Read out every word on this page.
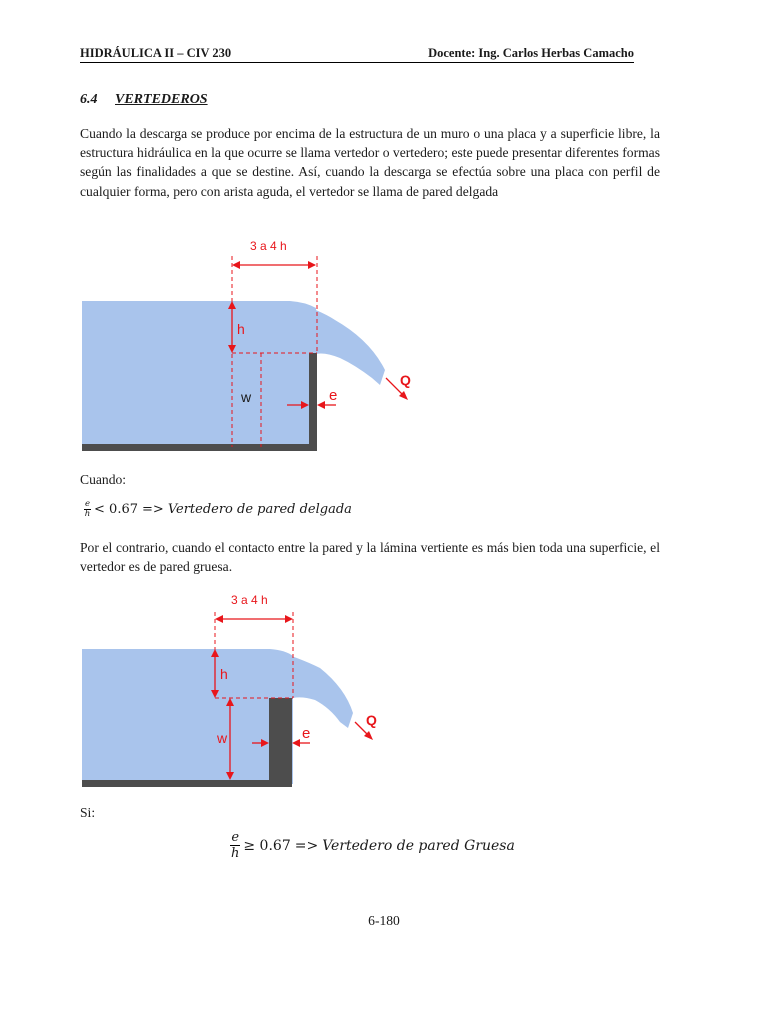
HIDRÁULICA II – CIV 230	Docente: Ing. Carlos Herbas Camacho
6.4 VERTEDEROS

Cuando la descarga se produce por encima de la estructura de un muro o una placa y a superficie libre, la estructura hidráulica en la que ocurre se llama vertedor o vertedero; este puede presentar diferentes formas según las finalidades a que se destine. Así, cuando la descarga se efectúa sobre una placa con perfil de cualquier forma, pero con arista aguda, el vertedor se llama de pared delgada

3 a 4 h
h
w	e
Q
Cuando:
$\frac{e}{h} < 0.67$ => Vertedero de pared delgada

Por el contrario, cuando el contacto entre la pared y la lámina vertiente es más bien toda una superficie, el vertedor es de pared gruesa.

3 a 4 h
h
w	e
Q
Si:
$\frac{e}{h} \ge 0.67$ => Vertedero de pared Gruesa
6-180
